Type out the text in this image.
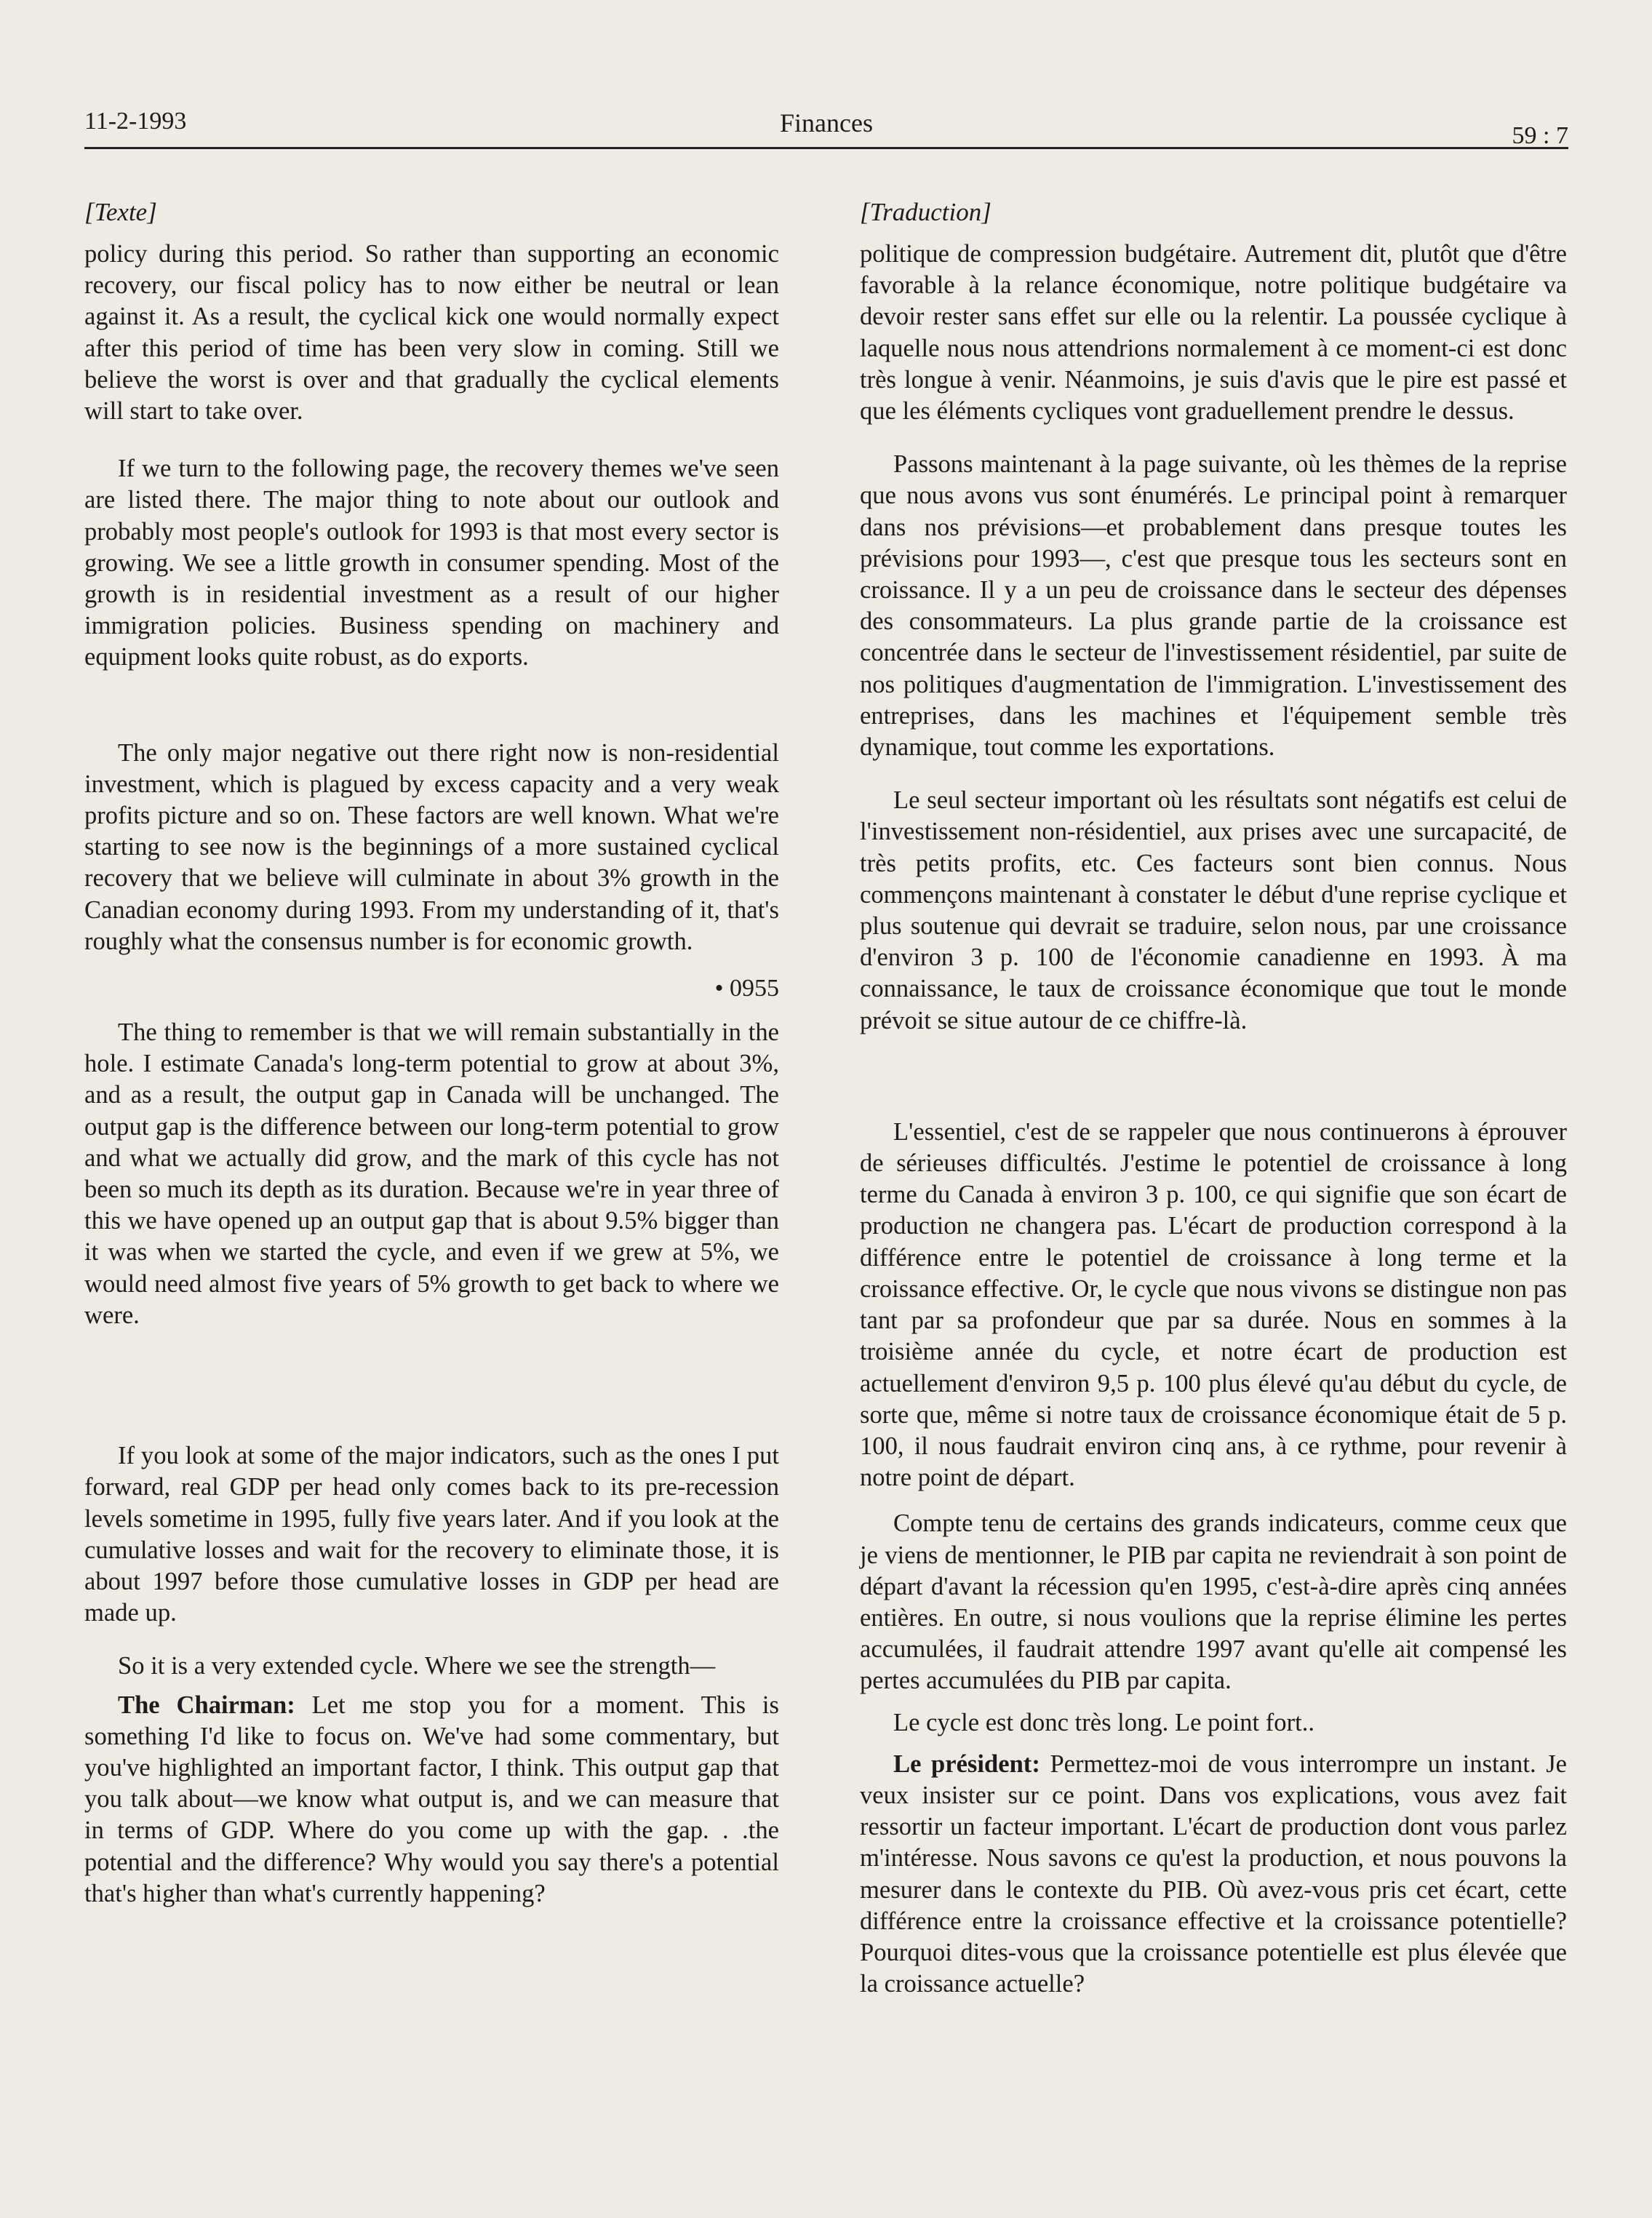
11-2-1993	Finances	59 : 7
[Texte]

policy during this period. So rather than supporting an economic recovery, our fiscal policy has to now either be neutral or lean against it. As a result, the cyclical kick one would normally expect after this period of time has been very slow in coming. Still we believe the worst is over and that gradually the cyclical elements will start to take over.

If we turn to the following page, the recovery themes we've seen are listed there. The major thing to note about our outlook and probably most people's outlook for 1993 is that most every sector is growing. We see a little growth in consumer spending. Most of the growth is in residential investment as a result of our higher immigration policies. Business spending on machinery and equipment looks quite robust, as do exports.

The only major negative out there right now is non-residential investment, which is plagued by excess capacity and a very weak profits picture and so on. These factors are well known. What we're starting to see now is the beginnings of a more sustained cyclical recovery that we believe will culminate in about 3% growth in the Canadian economy during 1993. From my understanding of it, that's roughly what the consensus number is for economic growth.

• 0955

The thing to remember is that we will remain substantially in the hole. I estimate Canada's long-term potential to grow at about 3%, and as a result, the output gap in Canada will be unchanged. The output gap is the difference between our long-term potential to grow and what we actually did grow, and the mark of this cycle has not been so much its depth as its duration. Because we're in year three of this we have opened up an output gap that is about 9.5% bigger than it was when we started the cycle, and even if we grew at 5%, we would need almost five years of 5% growth to get back to where we were.

If you look at some of the major indicators, such as the ones I put forward, real GDP per head only comes back to its pre-recession levels sometime in 1995, fully five years later. And if you look at the cumulative losses and wait for the recovery to eliminate those, it is about 1997 before those cumulative losses in GDP per head are made up.

So it is a very extended cycle. Where we see the strength—

The Chairman: Let me stop you for a moment. This is something I'd like to focus on. We've had some commentary, but you've highlighted an important factor, I think. This output gap that you talk about—we know what output is, and we can measure that in terms of GDP. Where do you come up with the gap. . .the potential and the difference? Why would you say there's a potential that's higher than what's currently happening?

[Traduction]

politique de compression budgétaire. Autrement dit, plutôt que d'être favorable à la relance économique, notre politique budgétaire va devoir rester sans effet sur elle ou la relentir. La poussée cyclique à laquelle nous nous attendrions normalement à ce moment-ci est donc très longue à venir. Néanmoins, je suis d'avis que le pire est passé et que les éléments cycliques vont graduellement prendre le dessus.

Passons maintenant à la page suivante, où les thèmes de la reprise que nous avons vus sont énumérés. Le principal point à remarquer dans nos prévisions—et probablement dans presque toutes les prévisions pour 1993—, c'est que presque tous les secteurs sont en croissance. Il y a un peu de croissance dans le secteur des dépenses des consommateurs. La plus grande partie de la croissance est concentrée dans le secteur de l'investissement résidentiel, par suite de nos politiques d'augmentation de l'immigration. L'investissement des entreprises, dans les machines et l'équipement semble très dynamique, tout comme les exportations.

Le seul secteur important où les résultats sont négatifs est celui de l'investissement non-résidentiel, aux prises avec une surcapacité, de très petits profits, etc. Ces facteurs sont bien connus. Nous commençons maintenant à constater le début d'une reprise cyclique et plus soutenue qui devrait se traduire, selon nous, par une croissance d'environ 3 p. 100 de l'économie canadienne en 1993. À ma connaissance, le taux de croissance économique que tout le monde prévoit se situe autour de ce chiffre-là.

L'essentiel, c'est de se rappeler que nous continuerons à éprouver de sérieuses difficultés. J'estime le potentiel de croissance à long terme du Canada à environ 3 p. 100, ce qui signifie que son écart de production ne changera pas. L'écart de production correspond à la différence entre le potentiel de croissance à long terme et la croissance effective. Or, le cycle que nous vivons se distingue non pas tant par sa profondeur que par sa durée. Nous en sommes à la troisième année du cycle, et notre écart de production est actuellement d'environ 9,5 p. 100 plus élevé qu'au début du cycle, de sorte que, même si notre taux de croissance économique était de 5 p. 100, il nous faudrait environ cinq ans, à ce rythme, pour revenir à notre point de départ.

Compte tenu de certains des grands indicateurs, comme ceux que je viens de mentionner, le PIB par capita ne reviendrait à son point de départ d'avant la récession qu'en 1995, c'est-à-dire après cinq années entières. En outre, si nous voulions que la reprise élimine les pertes accumulées, il faudrait attendre 1997 avant qu'elle ait compensé les pertes accumulées du PIB par capita.

Le cycle est donc très long. Le point fort..

Le président: Permettez-moi de vous interrompre un instant. Je veux insister sur ce point. Dans vos explications, vous avez fait ressortir un facteur important. L'écart de production dont vous parlez m'intéresse. Nous savons ce qu'est la production, et nous pouvons la mesurer dans le contexte du PIB. Où avez-vous pris cet écart, cette différence entre la croissance effective et la croissance potentielle? Pourquoi dites-vous que la croissance potentielle est plus élevée que la croissance actuelle?
